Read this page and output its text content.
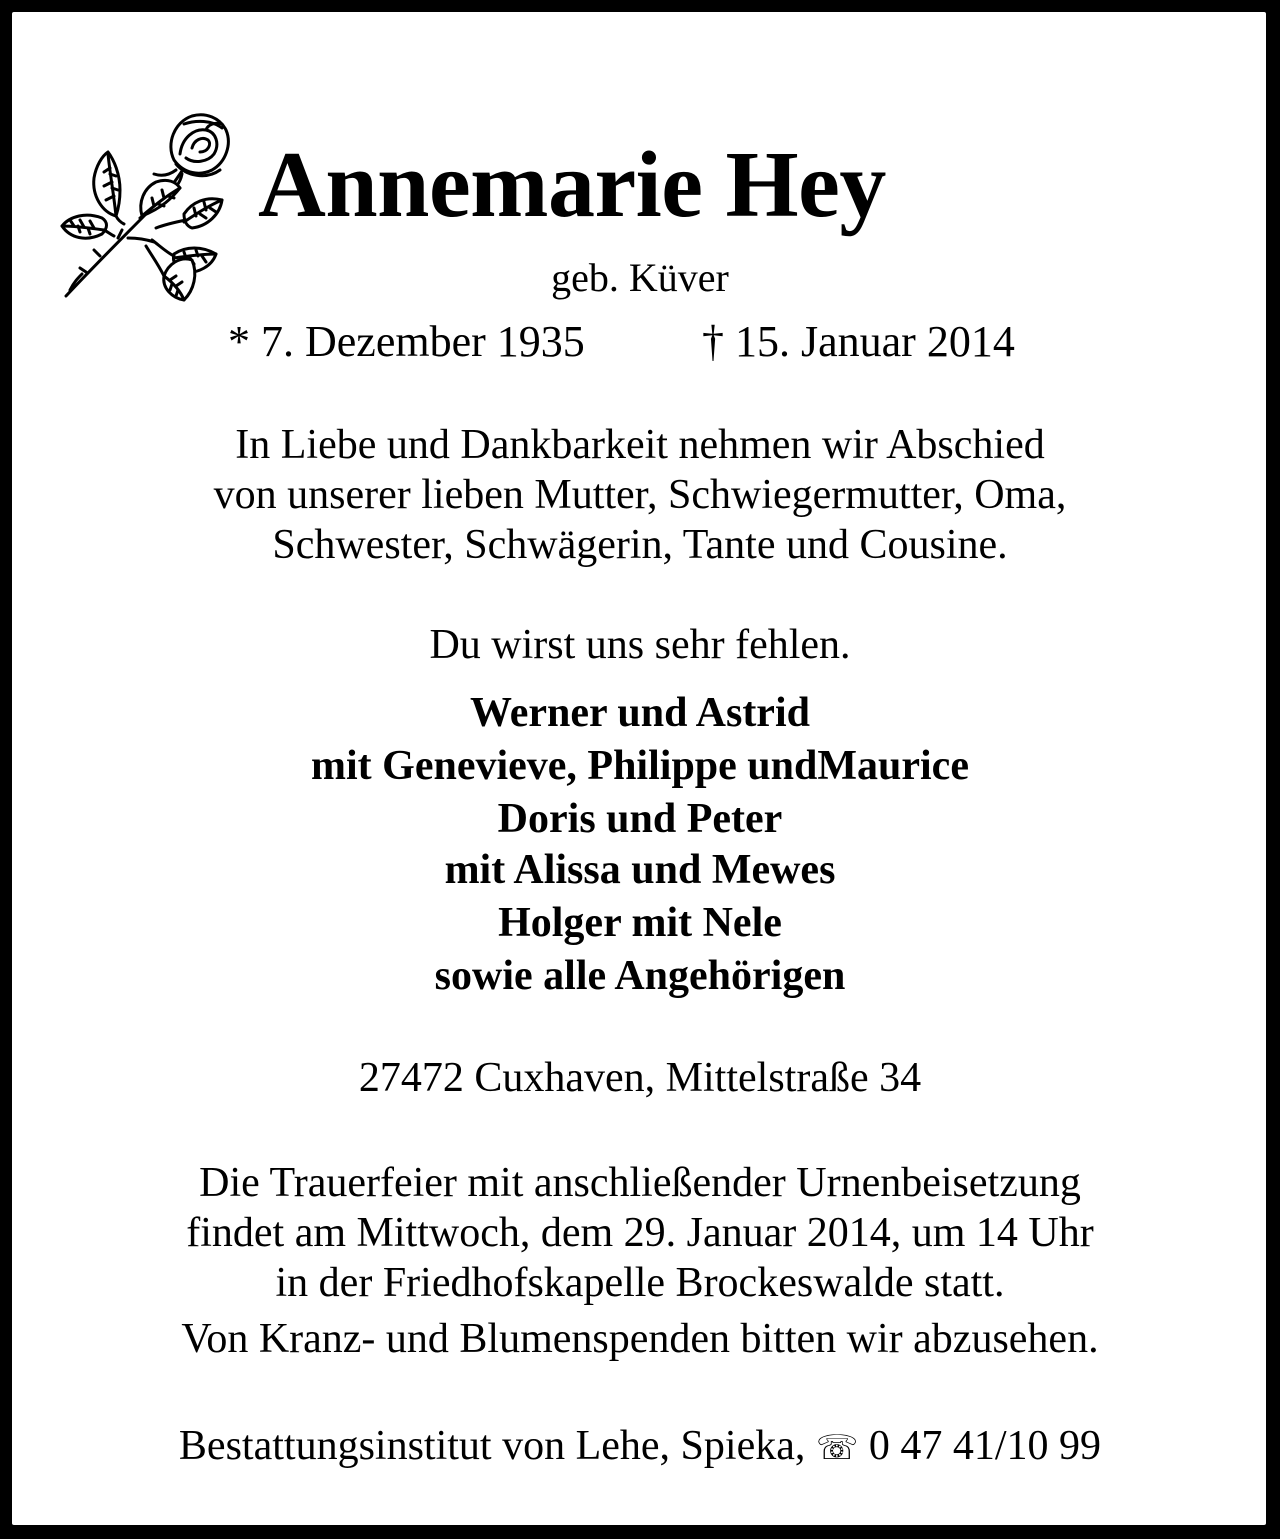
Annemarie Hey
geb. Küver
* 7. Dezember 1935	† 15. Januar 2014
In Liebe und Dankbarkeit nehmen wir Abschied
von unserer lieben Mutter, Schwiegermutter, Oma,
Schwester, Schwägerin, Tante und Cousine.
Du wirst uns sehr fehlen.
Werner und Astrid
mit Genevieve, Philippe undMaurice
Doris und Peter
mit Alissa und Mewes
Holger mit Nele
sowie alle Angehörigen
27472 Cuxhaven, Mittelstraße 34
Die Trauerfeier mit anschließender Urnenbeisetzung
findet am Mittwoch, dem 29. Januar 2014, um 14 Uhr
in der Friedhofskapelle Brockeswalde statt.
Von Kranz- und Blumenspenden bitten wir abzusehen.
Bestattungsinstitut von Lehe, Spieka, ☏ 0 47 41/10 99
